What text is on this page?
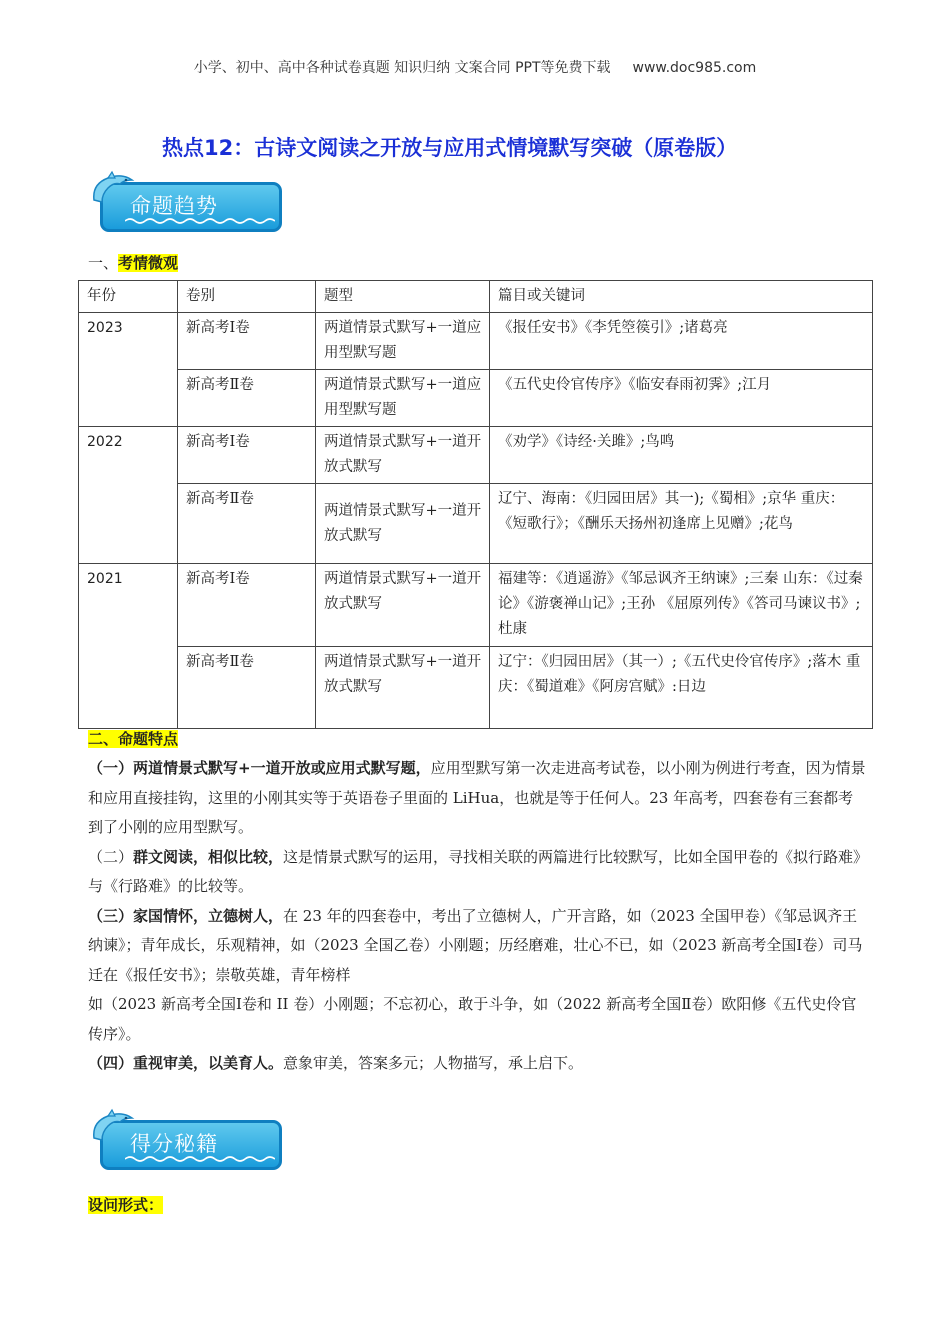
小学、初中、高中各种试卷真题 知识归纳 文案合同 PPT等免费下载 www.doc985.com
热点12：古诗文阅读之开放与应用式情境默写突破（原卷版）
命题趋势
一、考情微观
年份	卷别	题型	篇目或关键词
2023	新高考Ⅰ卷	两道情景式默写+一道应用型默写题	《报任安书》《李凭箜篌引》;诸葛亮
	新高考Ⅱ卷	两道情景式默写+一道应用型默写题	《五代史伶官传序》《临安春雨初霁》;江月
2022	新高考Ⅰ卷	两道情景式默写+一道开放式默写	《劝学》《诗经·关雎》;鸟鸣
	新高考Ⅱ卷	两道情景式默写+一道开放式默写	辽宁、海南：《归园田居》其一);《蜀相》;京华 重庆：《短歌行》；《酬乐天扬州初逢席上见赠》;花鸟
2021	新高考Ⅰ卷	两道情景式默写+一道开放式默写	福建等：《逍遥游》《邹忌讽齐王纳谏》;三秦 山东：《过秦论》《游褒禅山记》;王孙 《屈原列传》《答司马谏议书》;杜康
	新高考Ⅱ卷	两道情景式默写+一道开放式默写	辽宁：《归园田居》（其一）;《五代史伶官传序》;落木 重庆：《蜀道难》《阿房宫赋》:日边
二、命题特点

（一）两道情景式默写+一道开放或应用式默写题，应用型默写第一次走进高考试卷，以小刚为例进行考查，因为情景和应用直接挂钩，这里的小刚其实等于英语卷子里面的 LiHua，也就是等于任何人。23 年高考，四套卷有三套都考到了小刚的应用型默写。

（二）群文阅读，相似比较，这是情景式默写的运用，寻找相关联的两篇进行比较默写，比如全国甲卷的《拟行路难》与《行路难》的比较等。

（三）家国情怀，立德树人，在 23 年的四套卷中，考出了立德树人，广开言路，如（2023 全国甲卷）《邹忌讽齐王纳谏》；青年成长，乐观精神，如（2023 全国乙卷）小刚题；历经磨难，壮心不已，如（2023 新高考全国Ⅰ卷）司马迁在《报任安书》；崇敬英雄，青年榜样

如（2023 新高考全国Ⅰ卷和 II 卷）小刚题；不忘初心，敢于斗争，如（2022 新高考全国Ⅱ卷）欧阳修《五代史伶官传序》。

（四）重视审美，以美育人。意象审美，答案多元；人物描写，承上启下。

得分秘籍
设问形式：
